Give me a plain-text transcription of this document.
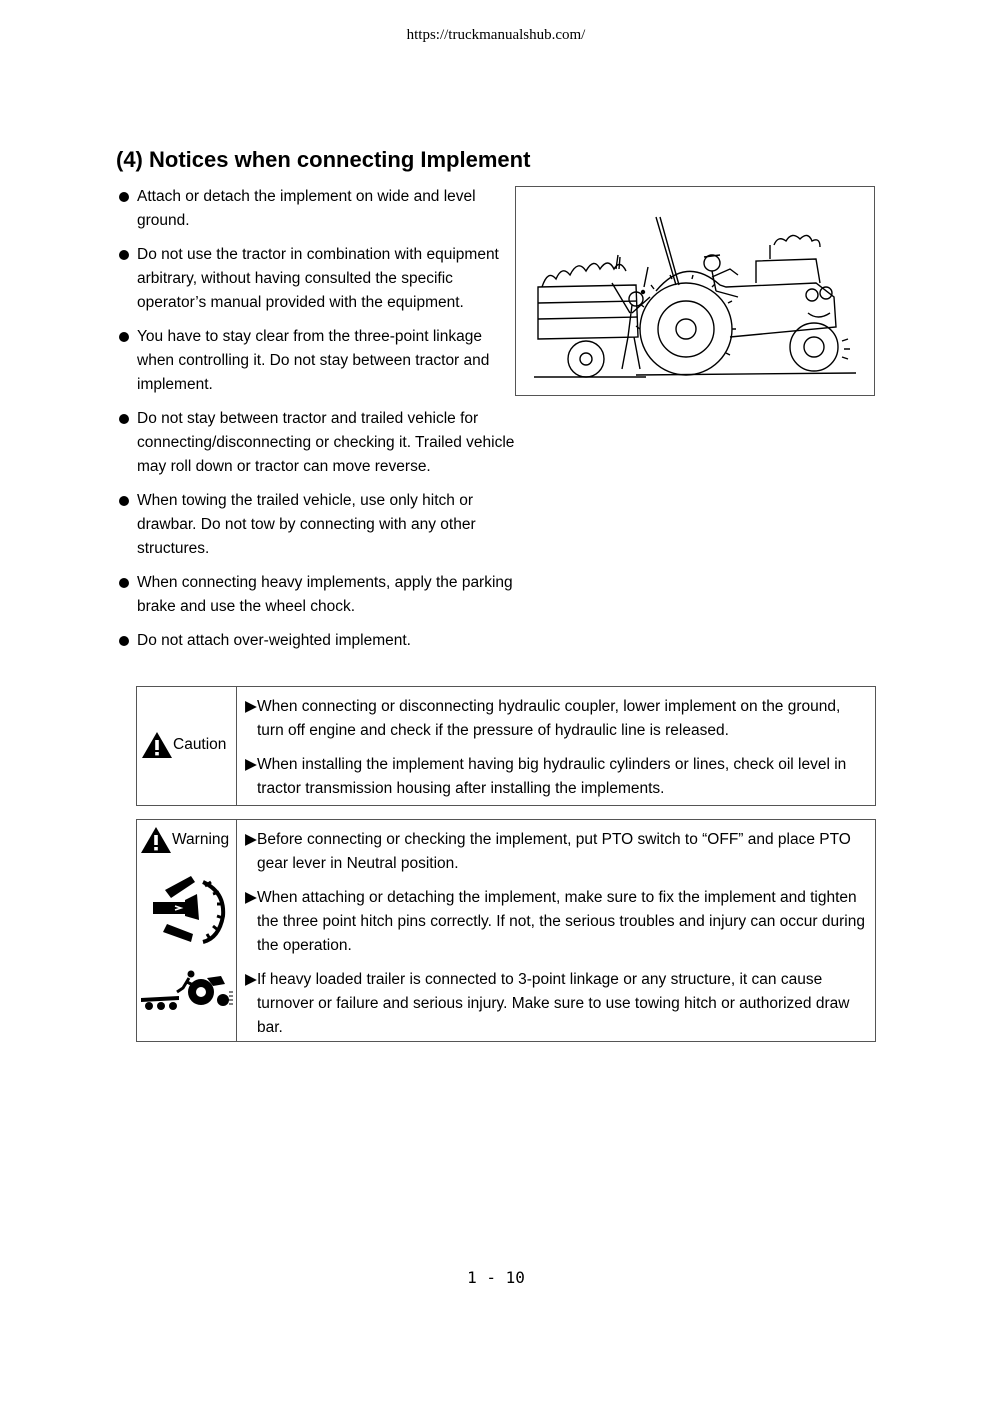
https://truckmanualshub.com/
(4) Notices when connecting Implement
Attach or detach the implement on wide and level ground.
Do not use the tractor in combination with equipment arbitrary, without having consulted the specific operator’s manual provided with the equipment.
You have to stay clear from the three-point linkage when controlling it. Do not stay between tractor and implement.
Do not stay between tractor and trailed vehicle for connecting/disconnecting or checking it. Trailed vehicle may roll down or tractor can move reverse.
When towing the trailed vehicle, use only hitch or drawbar. Do not tow by connecting with any other structures.
When connecting heavy implements, apply the parking brake and use the wheel chock.
Do not attach over-weighted implement.
Caution
▶ When connecting or disconnecting hydraulic coupler, lower implement on the ground, turn off engine and check if the pressure of hydraulic line is released.
▶ When installing the implement having big hydraulic cylinders or lines, check oil level in tractor transmission housing after installing the implements.
Warning ▶ Before connecting or checking the implement, put PTO switch to “OFF” and place PTO gear lever in Neutral position.
▶ When attaching or detaching the implement, make sure to fix the implement and tighten the three point hitch pins correctly. If not, the serious troubles and injury can occur during the operation.
▶ If heavy loaded trailer is connected to 3-point linkage or any structure, it can cause turnover or failure and serious injury. Make sure to use towing hitch or authorized draw bar.
1 - 10
